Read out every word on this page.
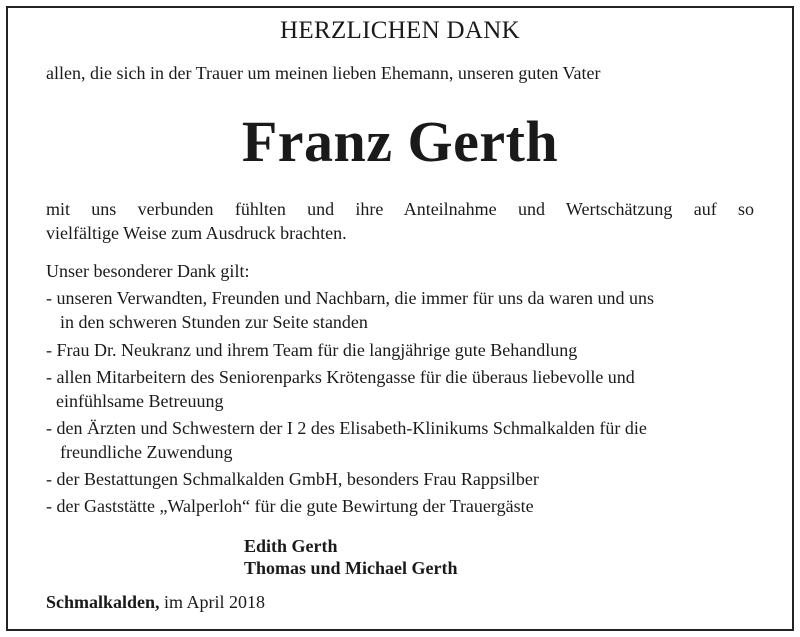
HERZLICHEN DANK
allen, die sich in der Trauer um meinen lieben Ehemann, unseren guten Vater
Franz Gerth
mit uns verbunden fühlten und ihre Anteilnahme und Wertschätzung auf so
vielfältige Weise zum Ausdruck brachten.
Unser besonderer Dank gilt:
- unseren Verwandten, Freunden und Nachbarn, die immer für uns da waren und uns
in den schweren Stunden zur Seite standen
- Frau Dr. Neukranz und ihrem Team für die langjährige gute Behandlung
- allen Mitarbeitern des Seniorenparks Krötengasse für die überaus liebevolle und
einfühlsame Betreuung
- den Ärzten und Schwestern der I 2 des Elisabeth-Klinikums Schmalkalden für die
freundliche Zuwendung
- der Bestattungen Schmalkalden GmbH, besonders Frau Rappsilber
- der Gaststätte „Walperloh“ für die gute Bewirtung der Trauergäste
Edith Gerth
Thomas und Michael Gerth
Schmalkalden, im April 2018
